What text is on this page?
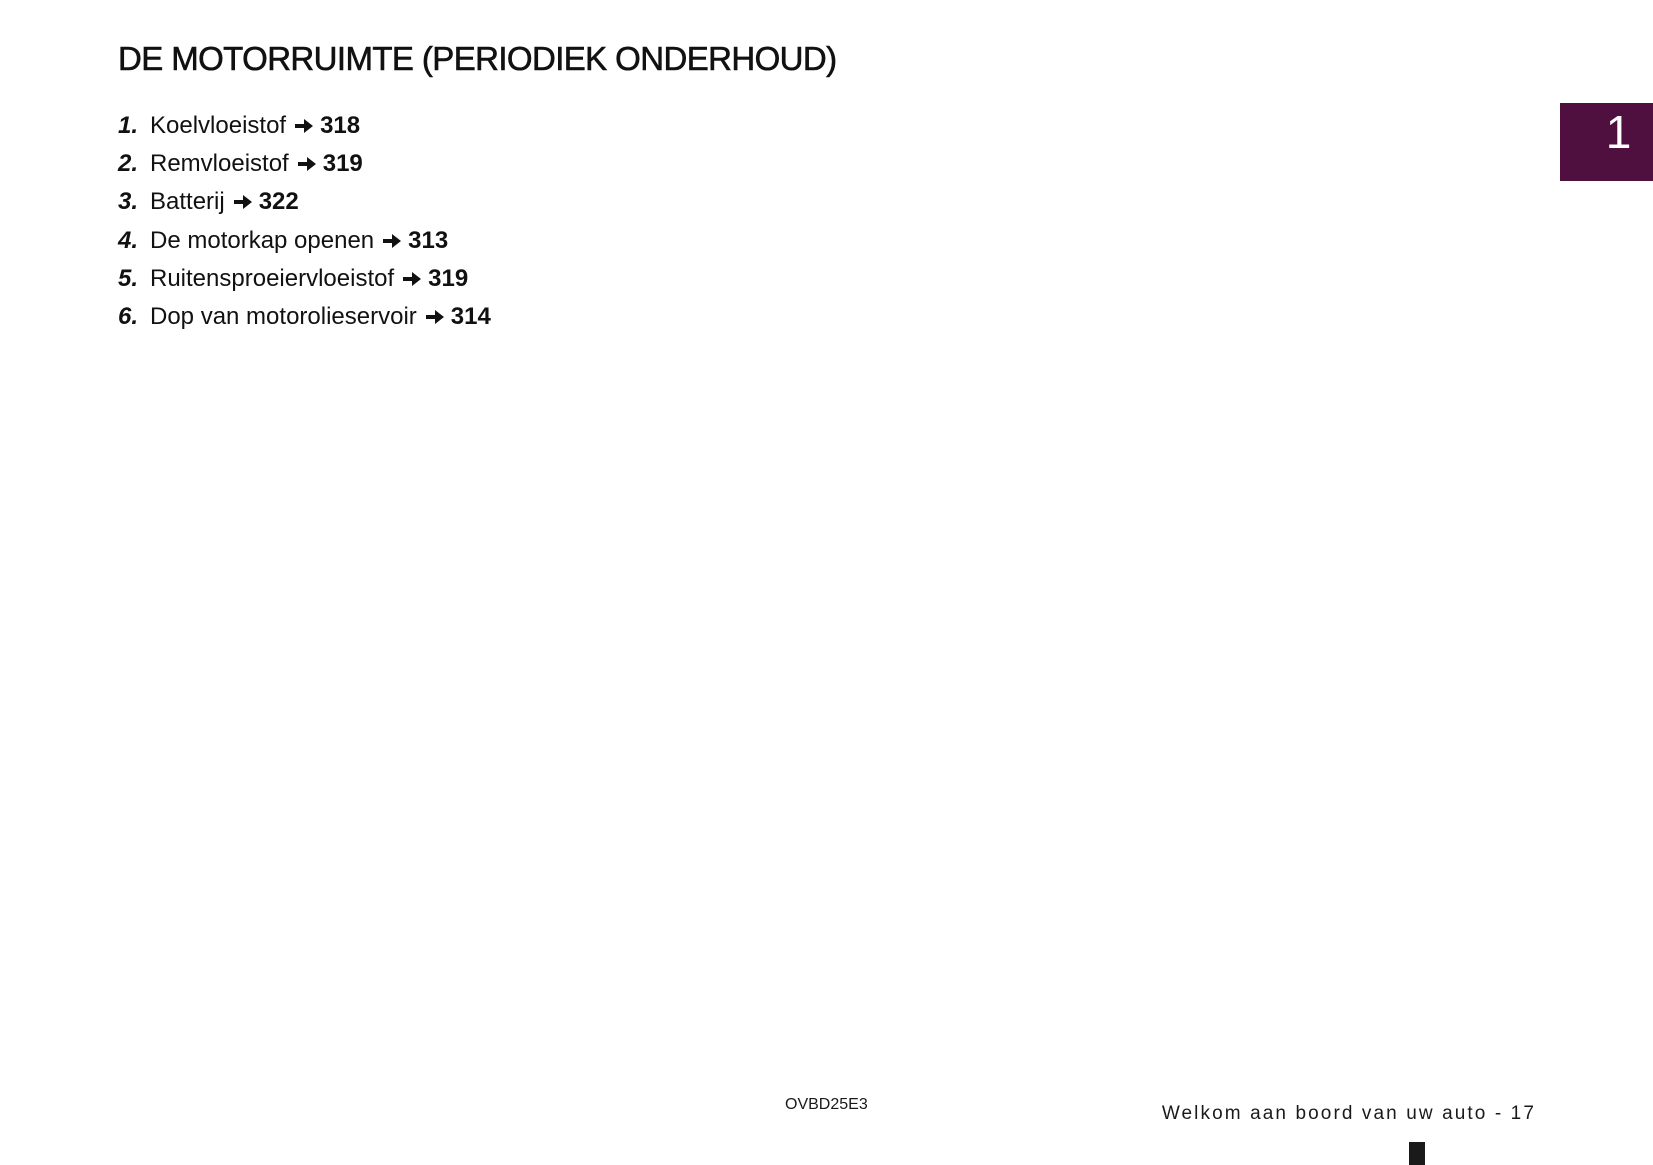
DE MOTORRUIMTE (PERIODIEK ONDERHOUD)
1. Koelvloeistof 318
2. Remvloeistof 319
3. Batterij 322
4. De motorkap openen 313
5. Ruitensproeiervloeistof 319
6. Dop van motorolieservoir 314
1
OVBD25E3	Welkom aan boord van uw auto - 17
